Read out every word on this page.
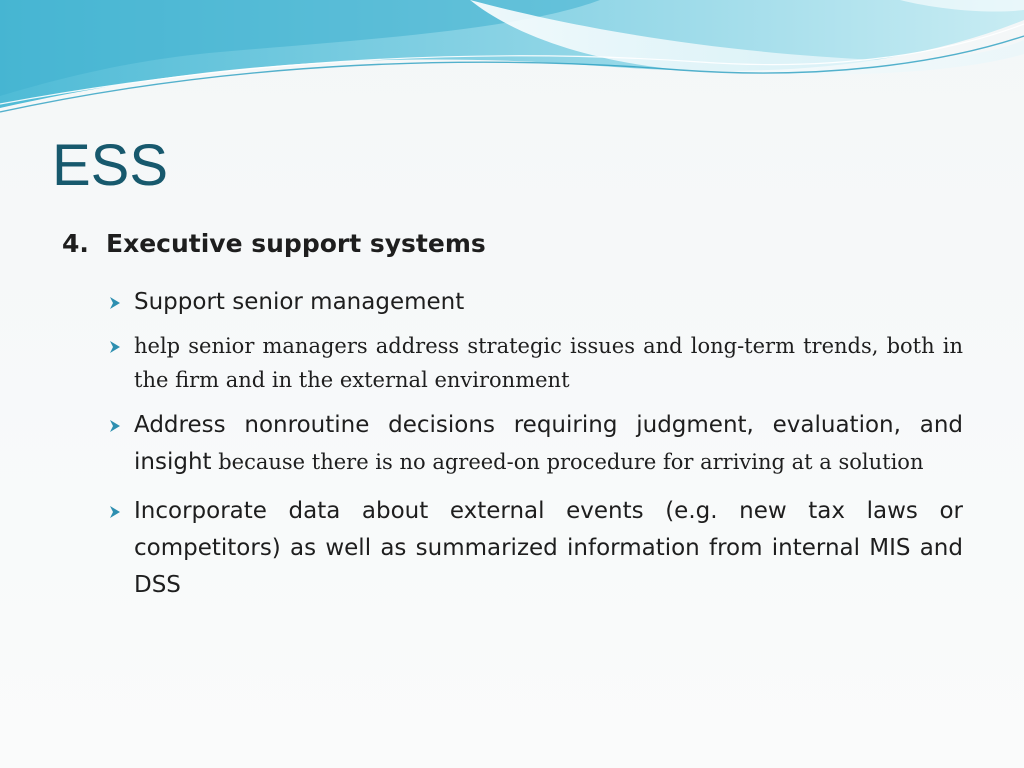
ESS
4. Executive support systems
Support senior management
help senior managers address strategic issues and long-term trends, both in the firm and in the external environment
Address nonroutine decisions requiring judgment, evaluation, and insight because there is no agreed-on procedure for arriving at a solution
Incorporate data about external events (e.g. new tax laws or competitors) as well as summarized information from internal MIS and DSS
